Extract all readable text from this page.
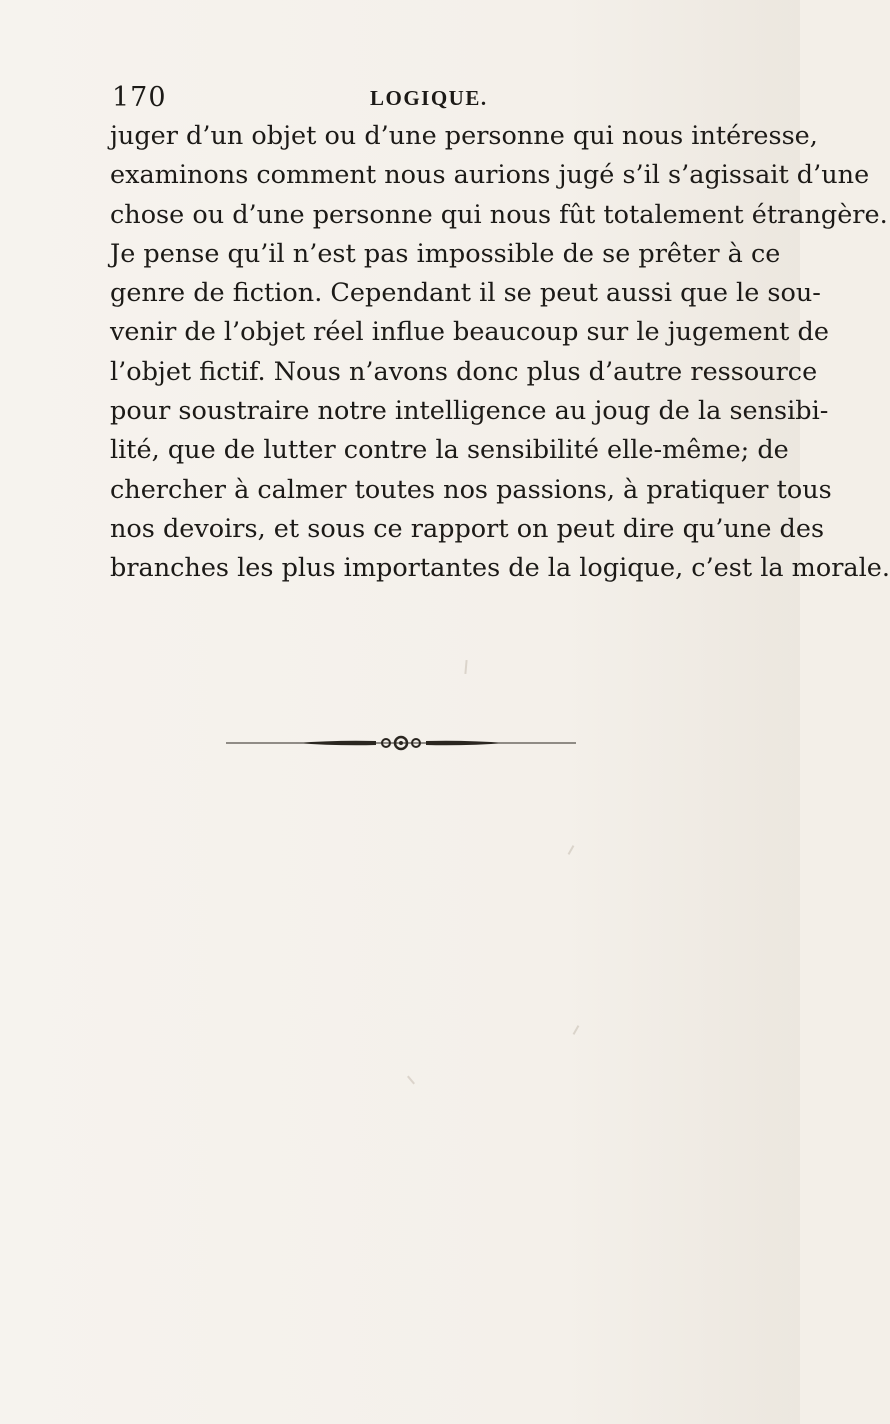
170	LOGIQUE.
juger d’un objet ou d’une personne qui nous intéresse,
examinons comment nous aurions jugé s’il s’agissait d’une
chose ou d’une personne qui nous fût totalement étrangère.
Je pense qu’il n’est pas impossible de se prêter à ce
genre de fiction. Cependant il se peut aussi que le sou-
venir de l’objet réel influe beaucoup sur le jugement de
l’objet fictif. Nous n’avons donc plus d’autre ressource
pour soustraire notre intelligence au joug de la sensibi-
lité, que de lutter contre la sensibilité elle-même; de
chercher à calmer toutes nos passions, à pratiquer tous
nos devoirs, et sous ce rapport on peut dire qu’une des
branches les plus importantes de la logique, c’est la morale.
